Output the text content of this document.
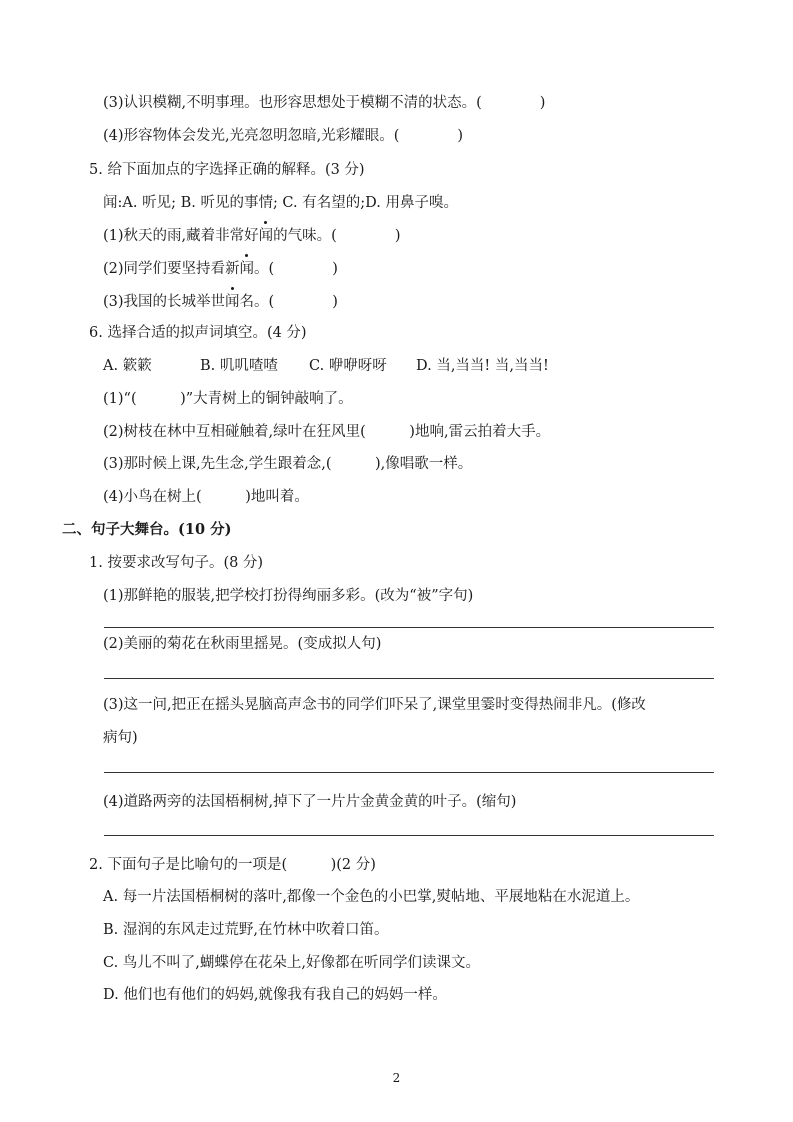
(3)认识模糊,不明事理。也形容思想处于模糊不清的状态。(　　　　)
(4)形容物体会发光,光亮忽明忽暗,光彩耀眼。(　　　　)
5. 给下面加点的字选择正确的解释。(3 分)
闻:A. 听见; B. 听见的事情; C. 有名望的;D. 用鼻子嗅。
(1)秋天的雨,藏着非常好闻的气味。(　　　　)
(2)同学们要坚持看新闻。(　　　　)
(3)我国的长城举世闻名。(　　　　)
6. 选择合适的拟声词填空。(4 分)
A. 簌簌	B. 叽叽喳喳 C. 咿咿呀呀 D. 当,当当! 当,当当!
(1)“(　　　)”大青树上的铜钟敲响了。
(2)树枝在林中互相碰触着,绿叶在狂风里(　　　)地响,雷云拍着大手。
(3)那时候上课,先生念,学生跟着念,(　　　),像唱歌一样。
(4)小鸟在树上(　　　)地叫着。
二、句子大舞台。(10 分)
1. 按要求改写句子。(8 分)
(1)那鲜艳的服装,把学校打扮得绚丽多彩。(改为“被”字句)
(2)美丽的菊花在秋雨里摇晃。(变成拟人句)
(3)这一问,把正在摇头晃脑高声念书的同学们吓呆了,课堂里霎时变得热闹非凡。(修改
病句)
(4)道路两旁的法国梧桐树,掉下了一片片金黄金黄的叶子。(缩句)
2. 下面句子是比喻句的一项是(　　　)(2 分)
A. 每一片法国梧桐树的落叶,都像一个金色的小巴掌,熨帖地、平展地粘在水泥道上。
B. 湿润的东风走过荒野,在竹林中吹着口笛。
C. 鸟儿不叫了,蝴蝶停在花朵上,好像都在听同学们读课文。
D. 他们也有他们的妈妈,就像我有我自己的妈妈一样。
2
